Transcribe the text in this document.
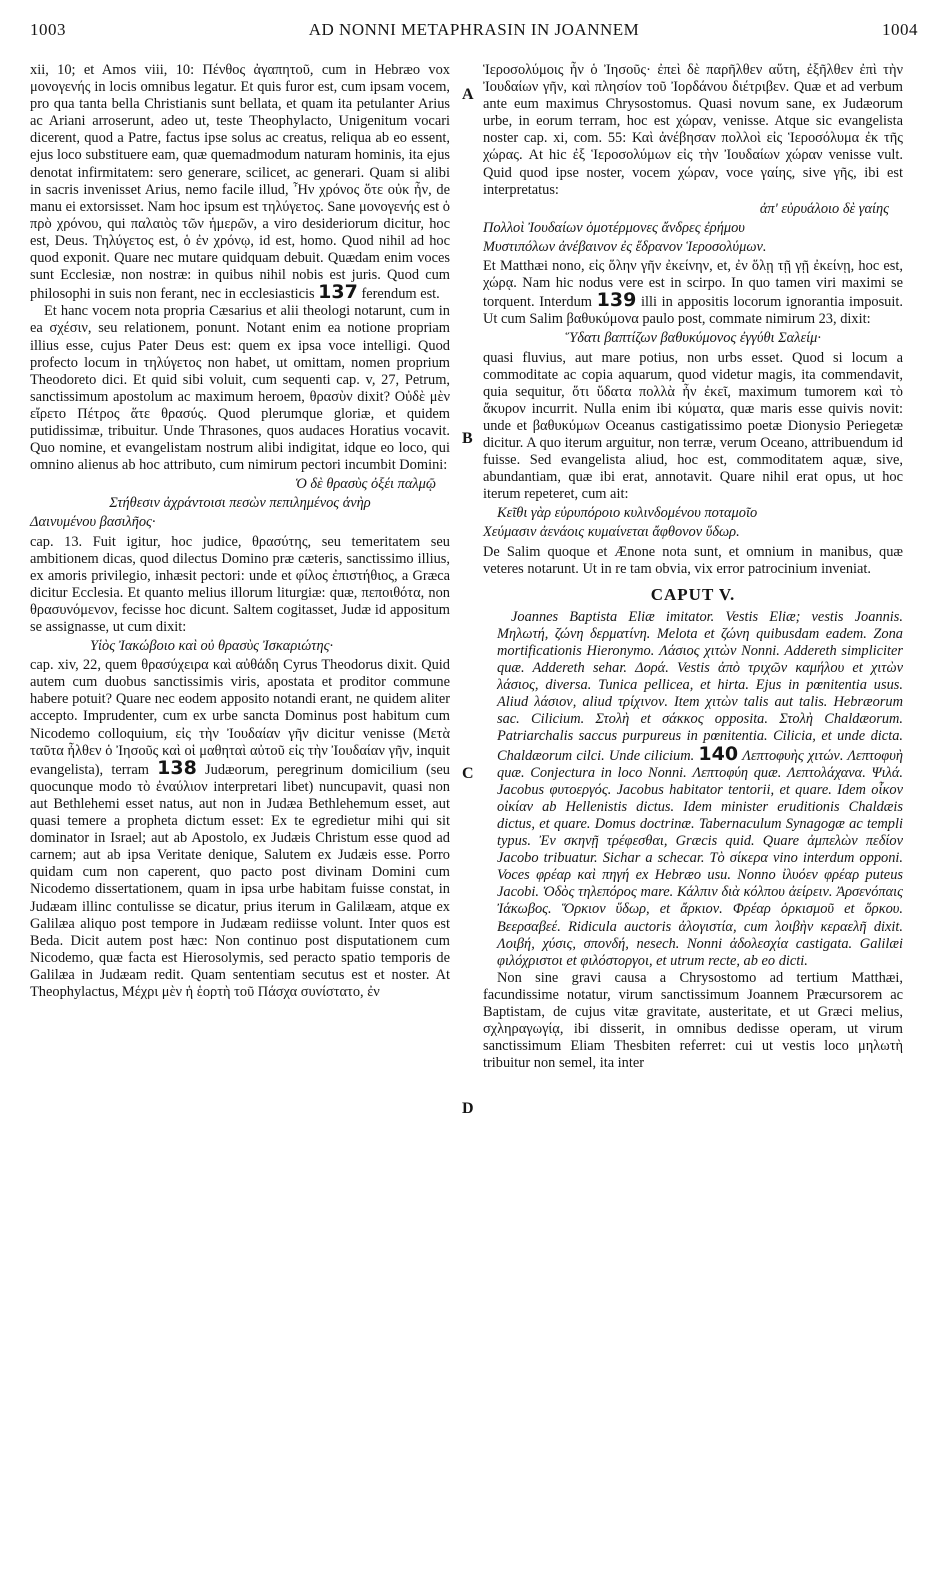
1003	AD NONNI METAPHRASIN IN JOANNEM	1004
A
B
C
D

xii, 10; et Amos viii, 10: Πένθος ἀγαπητοῦ, cum in Hebræo vox μονογενής in locis omnibus legatur. Et quis furor est, cum ipsam vocem, pro qua tanta bella Christianis sunt bellata, et quam ita petulanter Arius ac Ariani arroserunt, adeo ut, teste Theophylacto, Unigenitum vocari dicerent, quod a Patre, factus ipse solus ac creatus, reliqua ab eo essent, ejus loco substituere eam, quæ quemadmodum naturam hominis, ita ejus denotat infirmitatem: sero generare, scilicet, ac generari. Quam si alibi in sacris invenisset Arius, nemo facile illud, Ἦν χρόνος ὅτε οὐκ ἦν, de manu ei extorsisset. Nam hoc ipsum est τηλύγετος. Sane μονογενής est ὁ πρὸ χρόνου, qui παλαιὸς τῶν ἡμερῶν, a viro desideriorum dicitur, hoc est, Deus. Τηλύγετος est, ὁ ἐν χρόνῳ, id est, homo. Quod nihil ad hoc quod exponit. Quare nec mutare quidquam debuit. Quædam enim voces sunt Ecclesiæ, non nostræ: in quibus nihil nobis est juris. Quod cum philosophi in suis non ferant, nec in ecclesiasticis 137 ferendum est.

Et hanc vocem nota propria Cæsarius et alii theologi notarunt, cum in ea σχέσιν, seu relationem, ponunt. Notant enim ea notione propriam illius esse, cujus Pater Deus est: quem ex ipsa voce intelligi. Quod profecto locum in τηλύγετος non habet, ut omittam, nomen proprium Theodoreto dici. Et quid sibi voluit, cum sequenti cap. v, 27, Petrum, sanctissimum apostolum ac maximum heroem, θρασὺν dixit? Οὐδὲ μὲν εἴρετο Πέτρος ἅτε θρασύς. Quod plerumque gloriæ, et quidem putidissimæ, tribuitur. Unde Thrasones, quos audaces Horatius vocavit. Quo nomine, et evangelistam nostrum alibi indigitat, idque eo loco, qui omnino alienus ab hoc attributo, cum nimirum pectori incumbit Domini:

Ὁ δὲ θρασὺς ὀξέι παλμῷ
Στήθεσιν ἀχράντοισι πεσὼν πεπιλημένος ἀνὴρ
Δαινυμένου βασιλῆος·

cap. 13. Fuit igitur, hoc judice, θρασύτης, seu temeritatem seu ambitionem dicas, quod dilectus Domino præ cæteris, sanctissimo illius, ex amoris privilegio, inhæsit pectori: unde et φίλος ἐπιστήθιος, a Græca dicitur Ecclesia. Et quanto melius illorum liturgiæ: quæ, πεποιθότα, non θρασυνόμενον, fecisse hoc dicunt. Saltem cogitasset, Judæ id appositum se assignasse, ut cum dixit:

Υἱὸς Ἰακώβοιο καὶ οὐ θρασὺς Ἰσκαριώτης·

cap. xiv, 22, quem θρασύχειρα καὶ αὐθάδη Cyrus Theodorus dixit. Quid autem cum duobus sanctissimis viris, apostata et proditor commune habere potuit? Quare nec eodem apposito notandi erant, ne quidem aliter accepto. Imprudenter, cum ex urbe sancta Dominus post habitum cum Nicodemo colloquium, εἰς τὴν Ἰουδαίαν γῆν dicitur venisse (Μετὰ ταῦτα ἦλθεν ὁ Ἰησοῦς καὶ οἱ μαθηταὶ αὐτοῦ εἰς τὴν Ἰουδαίαν γῆν, inquit evangelista), terram 138 Judæorum, peregrinum domicilium (seu quocunque modo τὸ ἐναύλιον interpretari libet) nuncupavit, quasi non aut Bethlehemi esset natus, aut non in Judæa Bethlehemum esset, aut quasi temere a propheta dictum esset: Ex te egredietur mihi qui sit dominator in Israel; aut ab Apostolo, ex Judæis Christum esse quod ad carnem; aut ab ipsa Veritate denique, Salutem ex Judæis esse. Porro quidam cum non caperent, quo pacto post divinam Domini cum Nicodemo dissertationem, quam in ipsa urbe habitam fuisse constat, in Judæam illinc contulisse se dicatur, prius iterum in Galilæam, atque ex Galilæa aliquo post tempore in Judæam rediisse volunt. Inter quos est Beda. Dicit autem post hæc: Non continuo post disputationem cum Nicodemo, quæ facta est Hierosolymis, sed peracto spatio temporis de Galilæa in Judæam redit. Quam sententiam secutus est et noster. At Theophylactus, Μέχρι μὲν ἡ ἑορτὴ τοῦ Πάσχα συνίστατο, ἐν

Ἱεροσολύμοις ἦν ὁ Ἰησοῦς· ἐπεὶ δὲ παρῆλθεν αὕτη, ἐξῆλθεν ἐπὶ τὴν Ἰουδαίων γῆν, καὶ πλησίον τοῦ Ἰορδάνου διέτριβεν. Quæ et ad verbum ante eum maximus Chrysostomus. Quasi novum sane, ex Judæorum urbe, in eorum terram, hoc est χώραν, venisse. Atque sic evangelista noster cap. xi, com. 55: Καὶ ἀνέβησαν πολλοὶ εἰς Ἱεροσόλυμα ἐκ τῆς χώρας. At hic ἐξ Ἱεροσολύμων εἰς τὴν Ἰουδαίων χώραν venisse vult. Quid quod ipse noster, vocem χώραν, voce γαίης, sive γῆς, ibi est interpretatus:

ἀπ' εὐρυάλοιο δὲ γαίης
Πολλοὶ Ἰουδαίων ὁμοτέρμονες ἄνδρες ἐρήμου
Μυστιπόλων ἀνέβαινον ἐς ἕδρανον Ἱεροσολύμων.

Et Matthæi nono, εἰς ὅλην γῆν ἐκείνην, et, ἐν ὅλῃ τῇ γῇ ἐκείνῃ, hoc est, χώρᾳ. Nam hic nodus vere est in scirpo. In quo tamen viri maximi se torquent. Interdum 139 illi in appositis locorum ignorantia imposuit. Ut cum Salim βαθυκύμονα paulo post, commate nimirum 23, dixit:

Ὕδατι βαπτίζων βαθυκύμονος ἐγγύθι Σαλείμ·

quasi fluvius, aut mare potius, non urbs esset. Quod si locum a commoditate ac copia aquarum, quod videtur magis, ita commendavit, quia sequitur, ὅτι ὕδατα πολλὰ ἦν ἐκεῖ, maximum tumorem καὶ τὸ ἄκυρον incurrit. Nulla enim ibi κύματα, quæ maris esse quivis novit: unde et βαθυκύμων Oceanus castigatissimo poetæ Dionysio Periegetæ dicitur. A quo iterum arguitur, non terræ, verum Oceano, attribuendum id fuisse. Sed evangelista aliud, hoc est, commoditatem aquæ, sive, abundantiam, quæ ibi erat, annotavit. Quare nihil erat opus, ut hoc iterum repeteret, cum ait:

Κεῖθι γὰρ εὐρυπόροιο κυλινδομένου ποταμοῖο
Χεύμασιν ἀενάοις κυμαίνεται ἄφθονον ὕδωρ.

De Salim quoque et Ænone nota sunt, et omnium in manibus, quæ veteres notarunt. Ut in re tam obvia, vix error patrocinium inveniat.

CAPUT V.

Joannes Baptista Eliæ imitator. Vestis Eliæ; vestis Joannis. Μηλωτή, ζώνη δερματίνη. Melota et ζώνη quibusdam eadem. Zona mortificationis Hieronymo. Λάσιος χιτὼν Nonni. Addereth simpliciter quæ. Addereth sehar. Δορά. Vestis ἀπὸ τριχῶν καμήλου et χιτὼν λάσιος, diversa. Tunica pellicea, et hirta. Ejus in pœnitentia usus. Aliud λάσιον, aliud τρίχινον. Item χιτὼν talis aut talis. Hebræorum sac. Cilicium. Στολὴ et σάκκος opposita. Στολὴ Chaldæorum. Patriarchalis saccus purpureus in pœnitentia. Cilicia, et unde dicta. Chaldæorum cilci. Unde cilicium. 140 Λεπτοφυὴς χιτών. Λεπτοφυὴ quæ. Conjectura in loco Nonni. Λεπτοφύη quæ. Λεπτολάχανα. Ψιλά. Jacobus φυτοεργός. Jacobus habitator tentorii, et quare. Idem οἶκον οἰκίαν ab Hellenistis dictus. Idem minister eruditionis Chaldæis dictus, et quare. Domus doctrinæ. Tabernaculum Synagogæ ac templi typus. Ἐν σκηνῇ τρέφεσθαι, Græcis quid. Quare ἀμπελὼν πεδίον Jacobo tribuatur. Sichar a schecar. Τὸ σίκερα vino interdum opponi. Voces φρέαρ καὶ πηγή ex Hebræo usu. Nonno ἰλυόεν φρέαρ puteus Jacobi. Ὁδὸς τηλεπόρος mare. Κάλπιν διὰ κόλπου ἀείρειν. Ἀρσενόπαις Ἰάκωβος. Ὅρκιον ὕδωρ, et ἄρκιον. Φρέαρ ὁρκισμοῦ et ὅρκου. Βεερσαβεέ. Ridicula auctoris ἀλογιστία, cum λοιβὴν κεραελῆ dixit. Λοιβή, χύσις, σπονδή, nesech. Nonni ἀδολεσχία castigata. Galilæi φιλόχριστοι et φιλόστοργοι, et utrum recte, ab eo dicti.

Non sine gravi causa a Chrysostomo ad tertium Matthæi, facundissime notatur, virum sanctissimum Joannem Præcursorem ac Baptistam, de cujus vitæ gravitate, austeritate, et ut Græci melius, σχληραγωγίᾳ, ibi disserit, in omnibus dedisse operam, ut virum sanctissimum Eliam Thesbiten referret: cui ut vestis loco μηλωτὴ tribuitur non semel, ita inter
